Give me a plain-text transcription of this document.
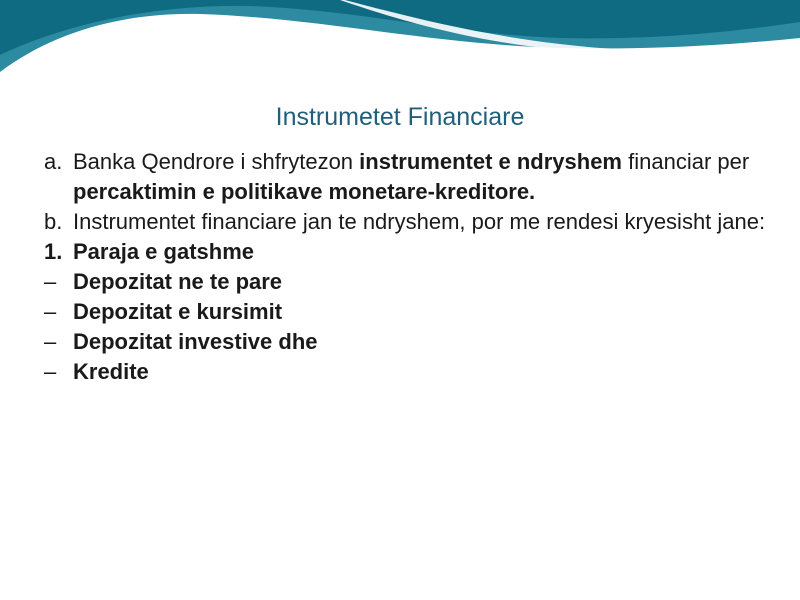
Instrumetet Financiare
a. Banka Qendrore i shfrytezon instrumentet e ndryshem financiar per percaktimin e politikave monetare-kreditore.
b. Instrumentet financiare jan te ndryshem, por me rendesi kryesisht jane:
1. Paraja e gatshme
– Depozitat ne te pare
– Depozitat e kursimit
– Depozitat investive dhe
– Kredite
